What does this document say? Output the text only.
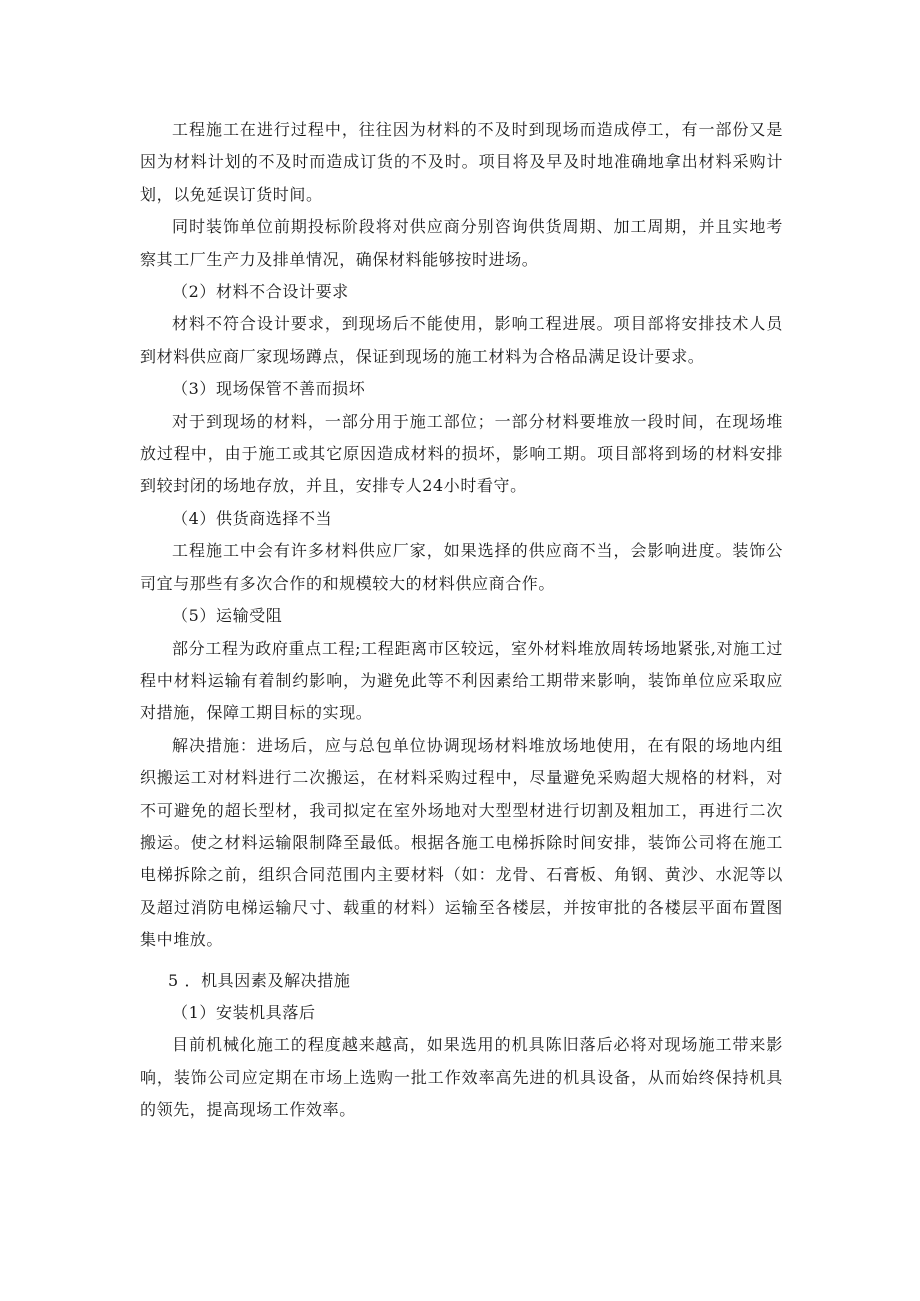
工程施工在进行过程中，往往因为材料的不及时到现场而造成停工，有一部份又是因为材料计划的不及时而造成订货的不及时。项目将及早及时地准确地拿出材料采购计划，以免延误订货时间。

同时装饰单位前期投标阶段将对供应商分别咨询供货周期、加工周期，并且实地考察其工厂生产力及排单情况，确保材料能够按时进场。

（2）材料不合设计要求

材料不符合设计要求，到现场后不能使用，影响工程进展。项目部将安排技术人员到材料供应商厂家现场蹲点，保证到现场的施工材料为合格品满足设计要求。

（3）现场保管不善而损坏

对于到现场的材料，一部分用于施工部位；一部分材料要堆放一段时间，在现场堆放过程中，由于施工或其它原因造成材料的损坏，影响工期。项目部将到场的材料安排到较封闭的场地存放，并且，安排专人24小时看守。

（4）供货商选择不当

工程施工中会有许多材料供应厂家，如果选择的供应商不当，会影响进度。装饰公司宜与那些有多次合作的和规模较大的材料供应商合作。

（5）运输受阻

部分工程为政府重点工程;工程距离市区较远，室外材料堆放周转场地紧张,对施工过程中材料运输有着制约影响，为避免此等不利因素给工期带来影响，装饰单位应采取应对措施，保障工期目标的实现。

解决措施：进场后，应与总包单位协调现场材料堆放场地使用，在有限的场地内组织搬运工对材料进行二次搬运，在材料采购过程中，尽量避免采购超大规格的材料，对不可避免的超长型材，我司拟定在室外场地对大型型材进行切割及粗加工，再进行二次搬运。使之材料运输限制降至最低。根据各施工电梯拆除时间安排，装饰公司将在施工电梯拆除之前，组织合同范围内主要材料（如：龙骨、石膏板、角钢、黄沙、水泥等以及超过消防电梯运输尺寸、载重的材料）运输至各楼层，并按审批的各楼层平面布置图集中堆放。

5 ．机具因素及解决措施

（1）安装机具落后

目前机械化施工的程度越来越高，如果选用的机具陈旧落后必将对现场施工带来影响，装饰公司应定期在市场上选购一批工作效率高先进的机具设备，从而始终保持机具的领先，提高现场工作效率。
